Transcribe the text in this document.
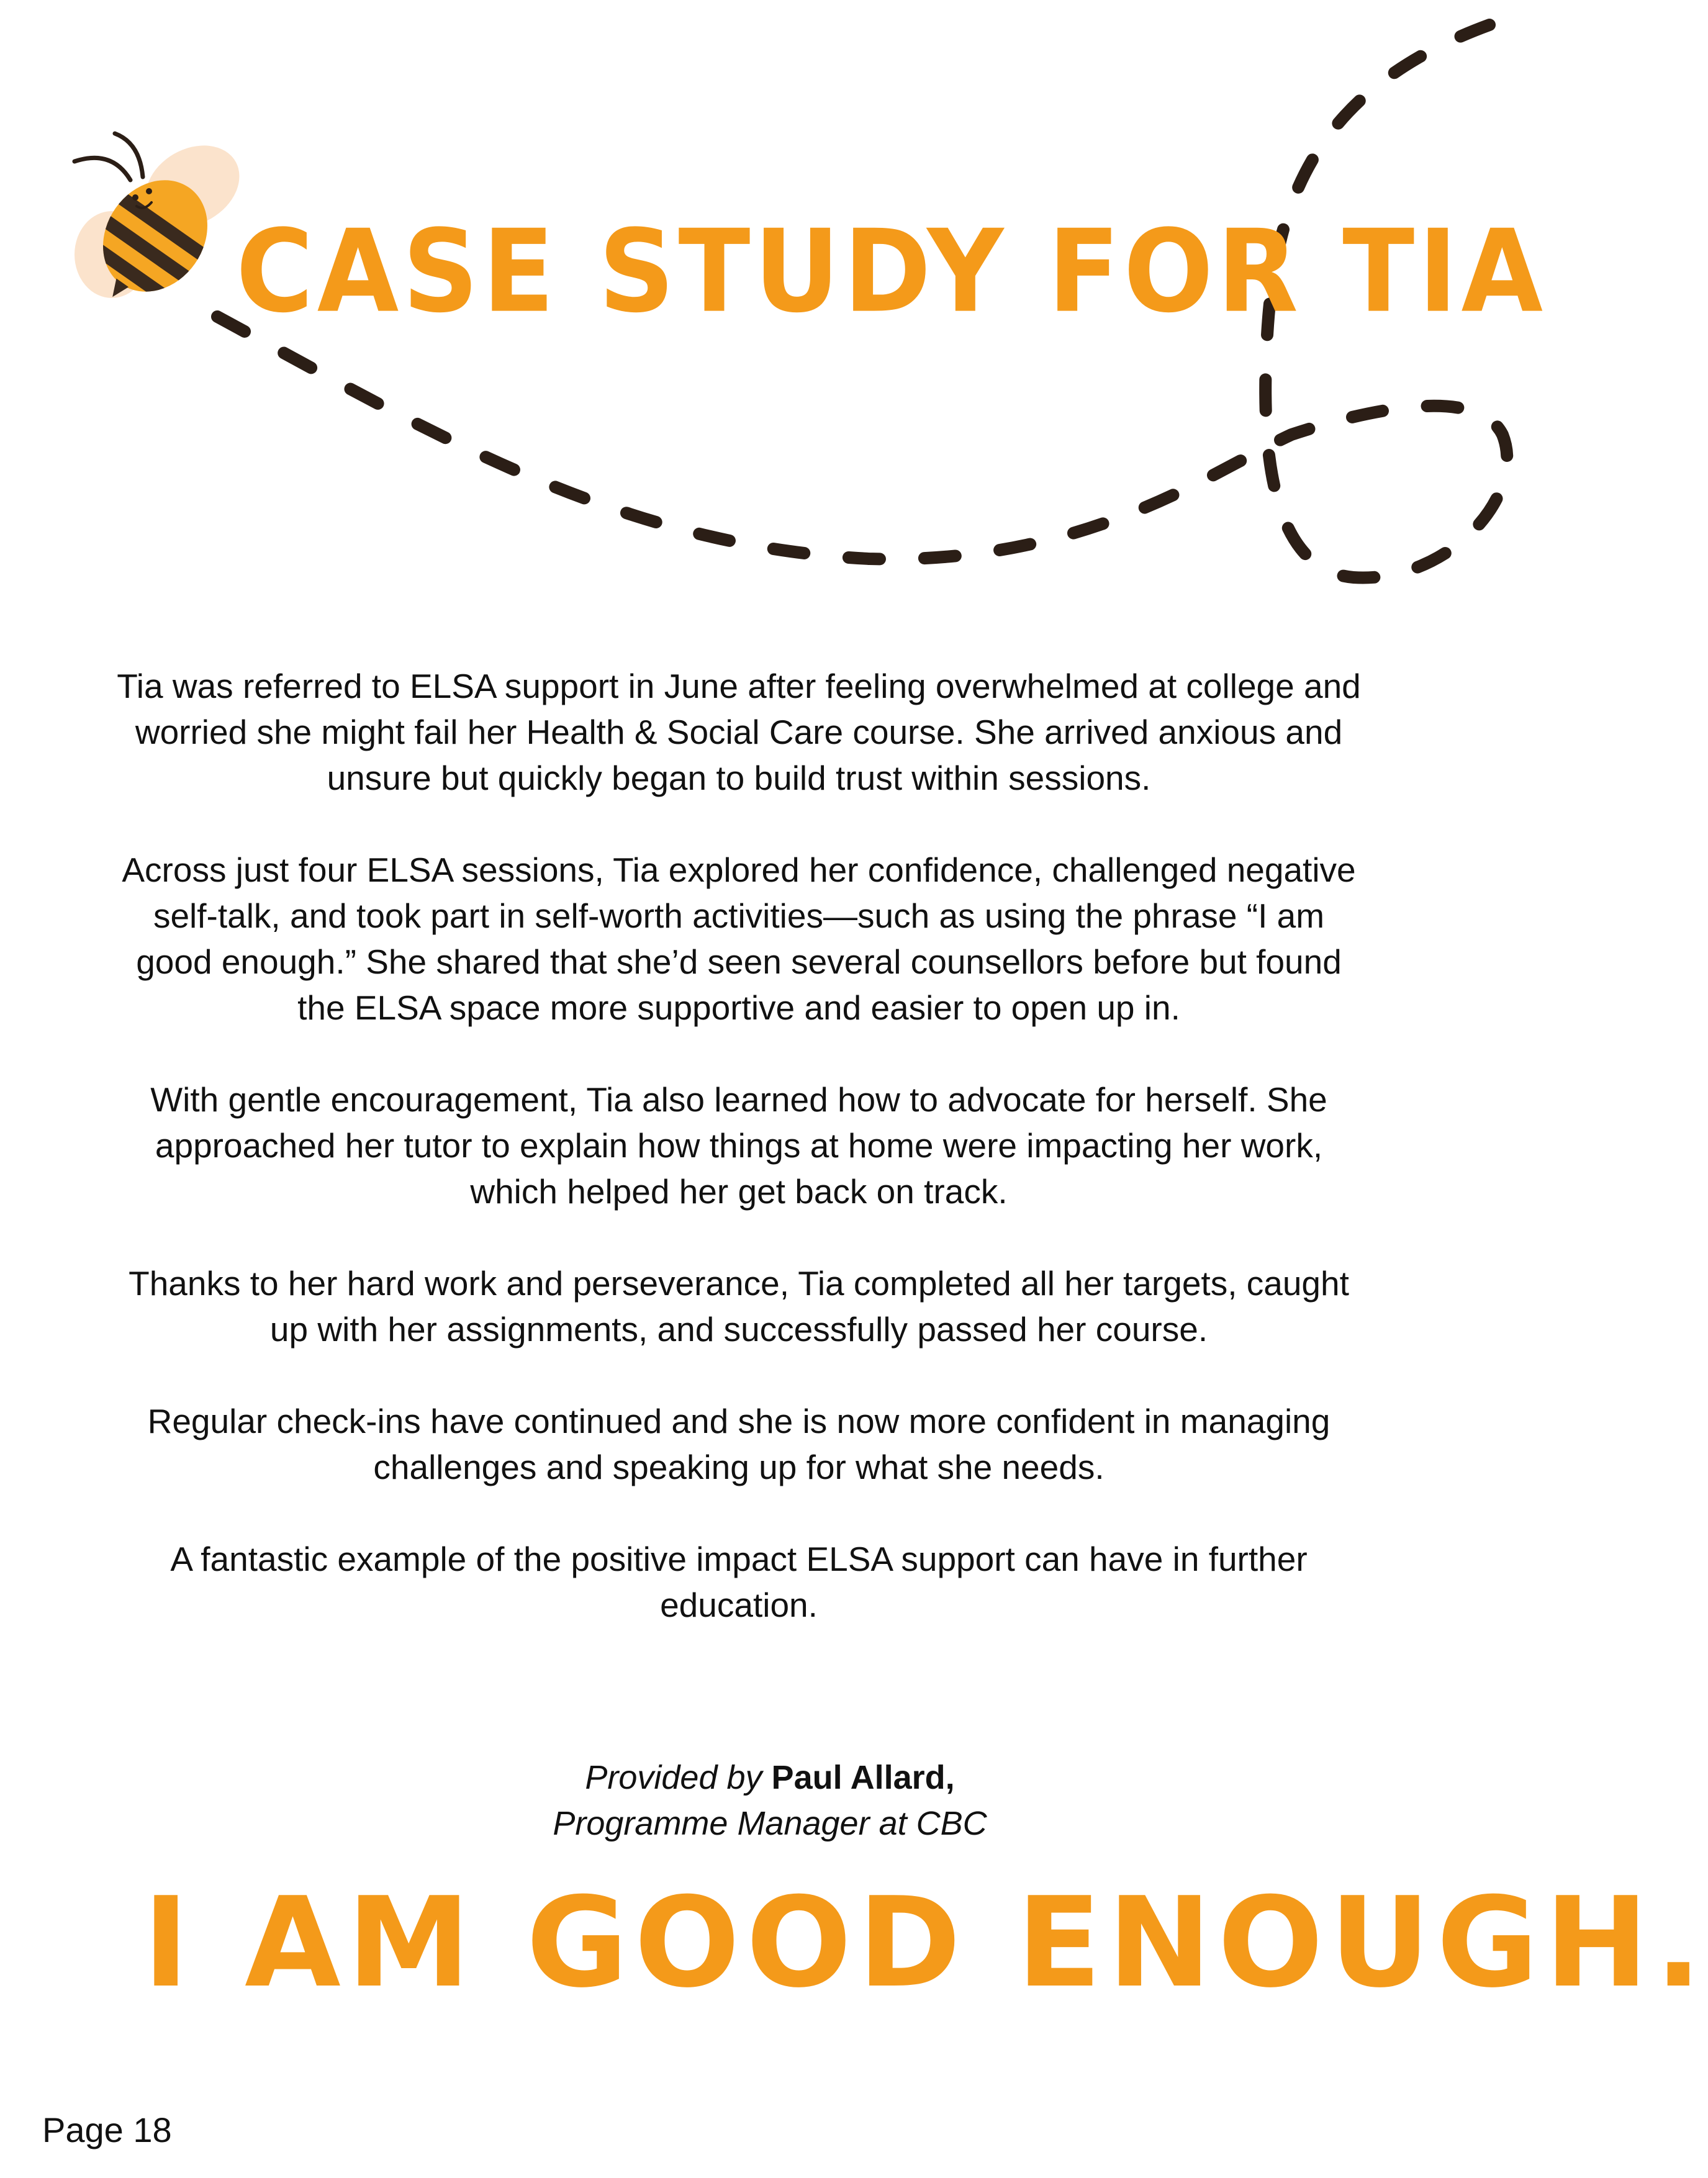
CASE STUDY FOR TIA

Tia was referred to ELSA support in June after feeling overwhelmed at college and worried she might fail her Health & Social Care course. She arrived anxious and unsure but quickly began to build trust within sessions.

Across just four ELSA sessions, Tia explored her confidence, challenged negative self-talk, and took part in self-worth activities—such as using the phrase “I am good enough.” She shared that she’d seen several counsellors before but found the ELSA space more supportive and easier to open up in.

With gentle encouragement, Tia also learned how to advocate for herself. She approached her tutor to explain how things at home were impacting her work, which helped her get back on track.

Thanks to her hard work and perseverance, Tia completed all her targets, caught up with her assignments, and successfully passed her course.

Regular check-ins have continued and she is now more confident in managing challenges and speaking up for what she needs.

A fantastic example of the positive impact ELSA support can have in further education.

Provided by Paul Allard,
Programme Manager at CBC
I AM GOOD ENOUGH.
Page 18
